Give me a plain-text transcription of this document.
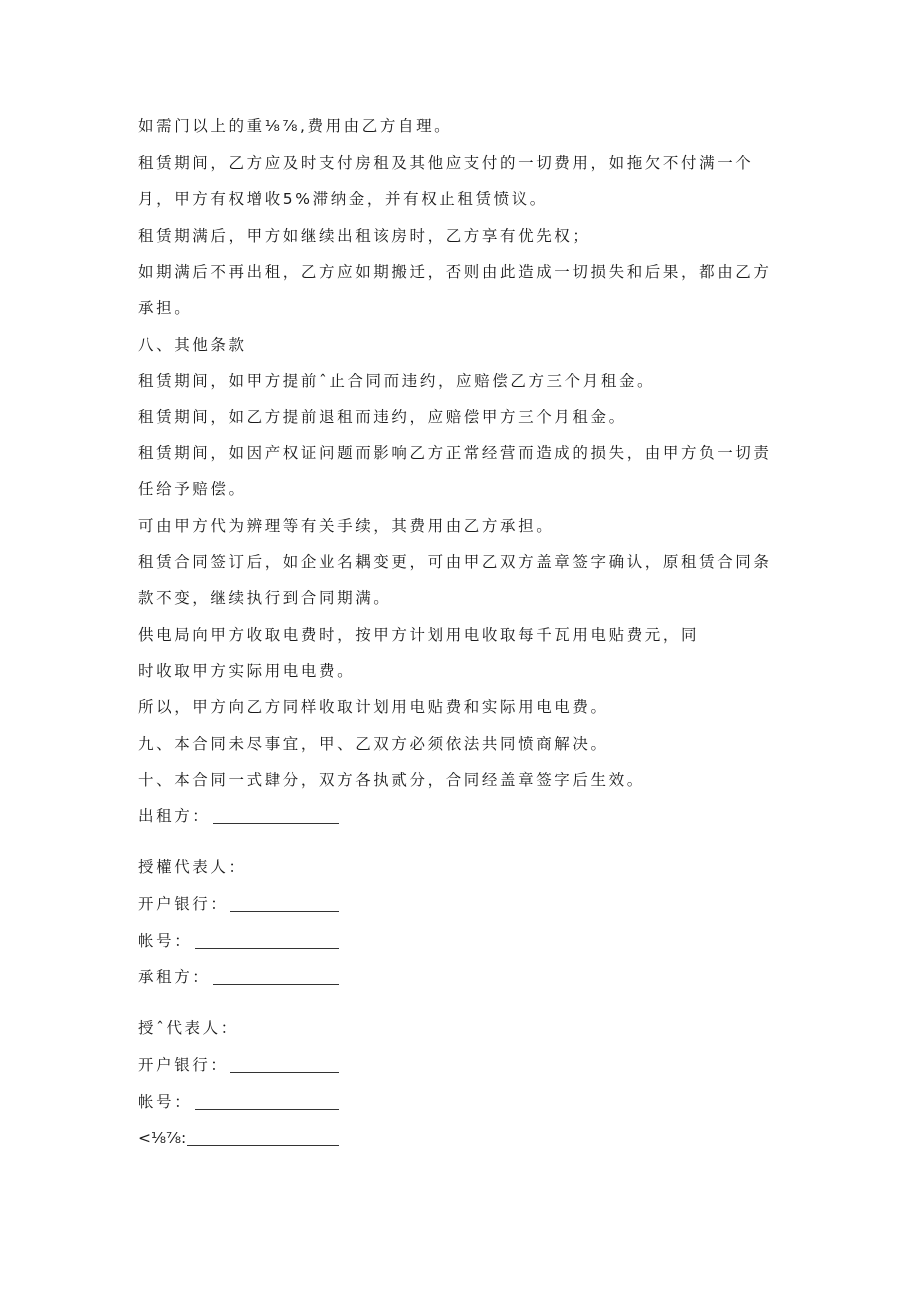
如需门以上的重⅛⅞,费用由乙方自理。
租赁期间，乙方应及时支付房租及其他应支付的一切费用，如拖欠不付满一个月，甲方有权增收5%滞纳金，并有权止租赁愤议。
租赁期满后，甲方如继续出租该房时，乙方享有优先权；
如期满后不再出租，乙方应如期搬迁，否则由此造成一切损失和后果，都由乙方承担。
八、其他条款
租赁期间，如甲方提前ˆ止合同而违约，应赔偿乙方三个月租金。
租赁期间，如乙方提前退租而违约，应赔偿甲方三个月租金。
租赁期间，如因产权证问题而影响乙方正常经营而造成的损失，由甲方负一切责任给予赔偿。
可由甲方代为辨理等有关手续，其费用由乙方承担。
租赁合同签订后，如企业名耦变更，可由甲乙双方盖章签字确认，原租赁合同条款不变，继续执行到合同期满。
供电局向甲方收取电费时，按甲方计划用电收取每千瓦用电贴费元，同
时收取甲方实际用电电费。
所以，甲方向乙方同样收取计划用电贴费和实际用电电费。
九、本合同未尽事宜，甲、乙双方必须依法共同愤商解决。
十、本合同一式肆分，双方各执贰分，合同经盖章签字后生效。
出租方：
授權代表人：
开户银行：
帐号：
承租方：
授ˆ代表人：
开户银行：
帐号：
<⅛⅞:
